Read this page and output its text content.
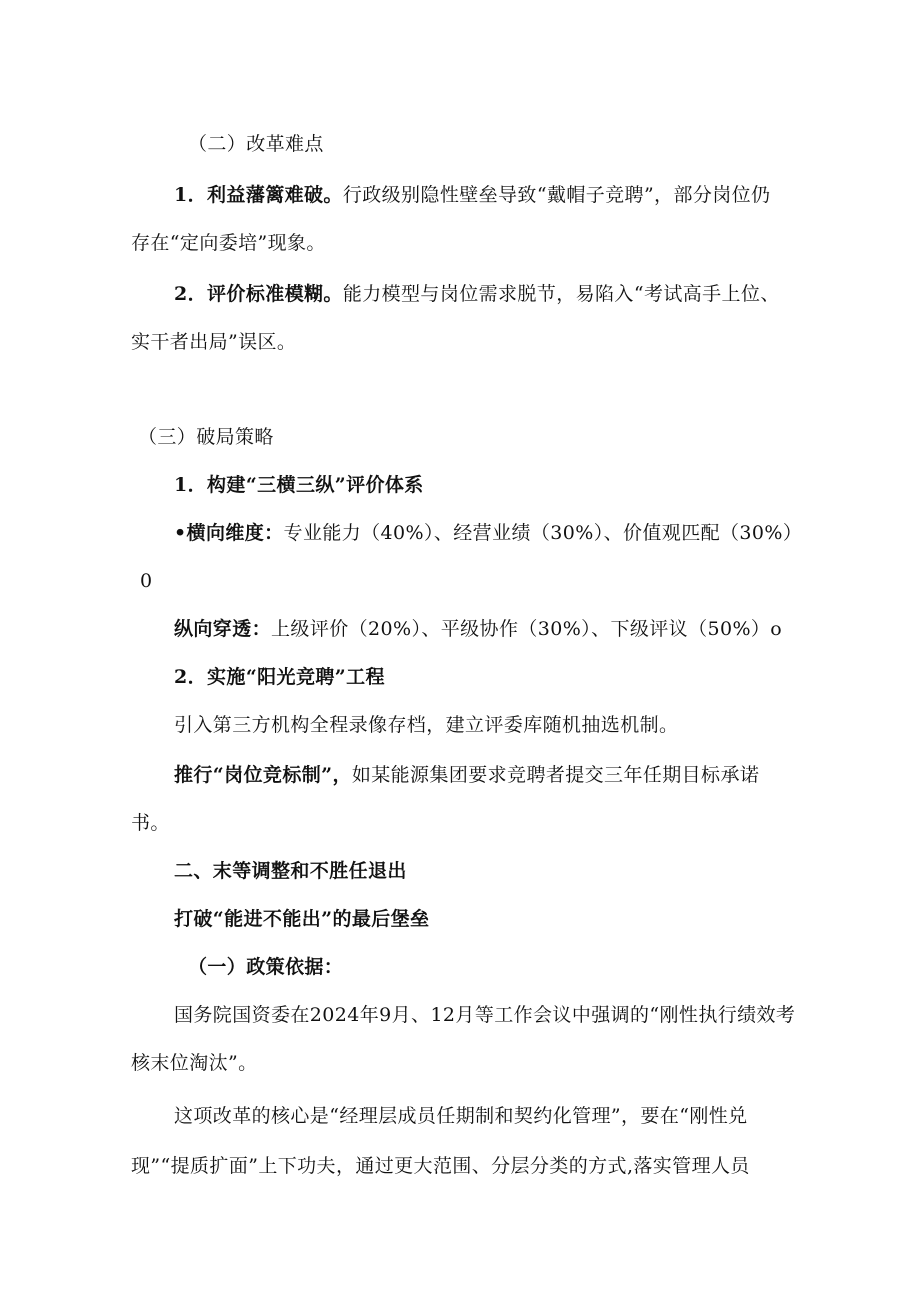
（二）改革难点
1．利益藩篱难破。行政级别隐性壁垒导致“戴帽子竞聘”，部分岗位仍
存在“定向委培”现象。
2．评价标准模糊。能力模型与岗位需求脱节，易陷入“考试高手上位、
实干者出局”误区。
（三）破局策略
1．构建“三横三纵”评价体系
•横向维度：专业能力（40%）、经营业绩（30%）、价值观匹配（30%）
0
纵向穿透：上级评价（20%）、平级协作（30%）、下级评议（50%）o
2．实施“阳光竞聘”工程
引入第三方机构全程录像存档，建立评委库随机抽选机制。
推行“岗位竞标制”，如某能源集团要求竞聘者提交三年任期目标承诺
书。
二、末等调整和不胜任退出
打破“能进不能出”的最后堡垒
（一）政策依据：
国务院国资委在2024年9月、12月等工作会议中强调的“刚性执行绩效考
核末位淘汰”。
这项改革的核心是“经理层成员任期制和契约化管理”，要在“刚性兑
现”“提质扩面”上下功夫，通过更大范围、分层分类的方式,落实管理人员
